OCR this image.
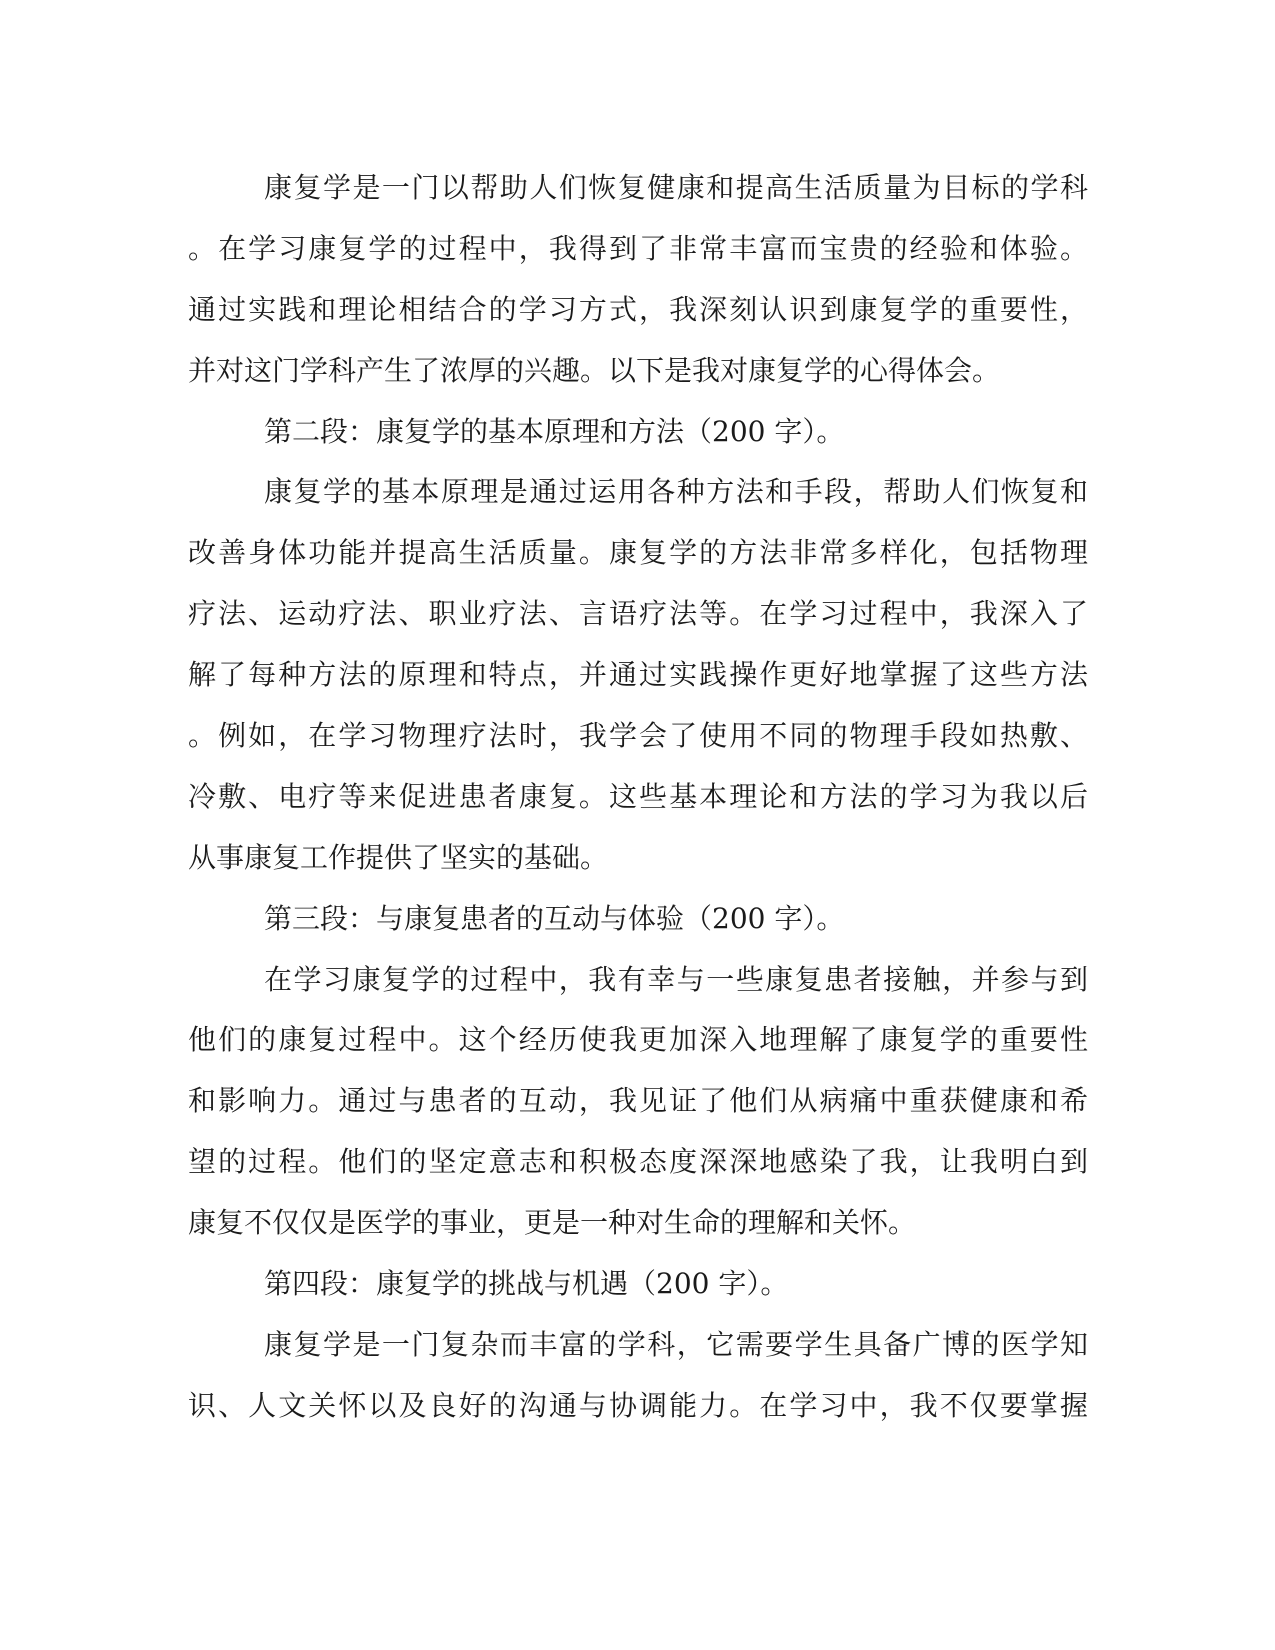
康复学是一门以帮助人们恢复健康和提高生活质量为目标的学科
。在学习康复学的过程中，我得到了非常丰富而宝贵的经验和体验。
通过实践和理论相结合的学习方式，我深刻认识到康复学的重要性，
并对这门学科产生了浓厚的兴趣。以下是我对康复学的心得体会。
第二段：康复学的基本原理和方法（200 字）。
康复学的基本原理是通过运用各种方法和手段，帮助人们恢复和
改善身体功能并提高生活质量。康复学的方法非常多样化，包括物理
疗法、运动疗法、职业疗法、言语疗法等。在学习过程中，我深入了
解了每种方法的原理和特点，并通过实践操作更好地掌握了这些方法
。例如，在学习物理疗法时，我学会了使用不同的物理手段如热敷、
冷敷、电疗等来促进患者康复。这些基本理论和方法的学习为我以后
从事康复工作提供了坚实的基础。
第三段：与康复患者的互动与体验（200 字）。
在学习康复学的过程中，我有幸与一些康复患者接触，并参与到
他们的康复过程中。这个经历使我更加深入地理解了康复学的重要性
和影响力。通过与患者的互动，我见证了他们从病痛中重获健康和希
望的过程。他们的坚定意志和积极态度深深地感染了我，让我明白到
康复不仅仅是医学的事业，更是一种对生命的理解和关怀。
第四段：康复学的挑战与机遇（200 字）。
康复学是一门复杂而丰富的学科，它需要学生具备广博的医学知
识、人文关怀以及良好的沟通与协调能力。在学习中，我不仅要掌握
